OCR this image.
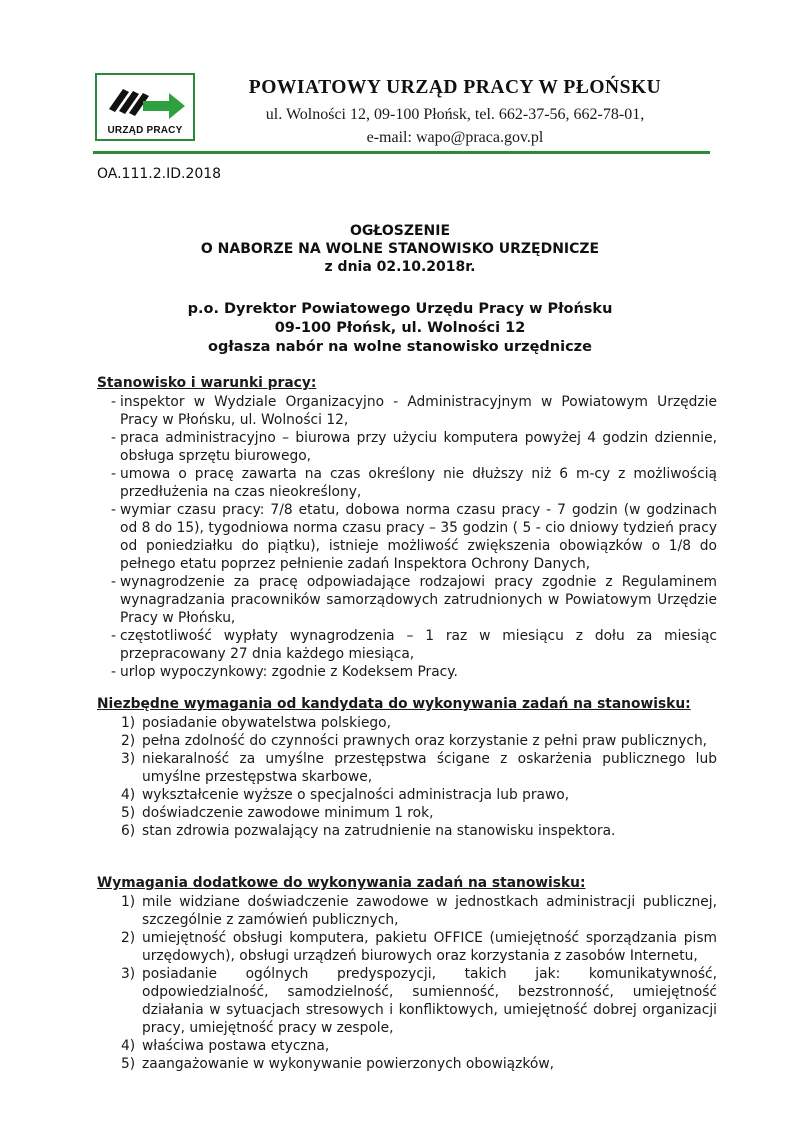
URZĄD PRACY
POWIATOWY URZĄD PRACY W PŁOŃSKU
ul. Wolności 12, 09-100 Płońsk, tel. 662-37-56, 662-78-01,
e-mail: wapo@praca.gov.pl
OA.111.2.ID.2018
OGŁOSZENIE
O NABORZE NA WOLNE STANOWISKO URZĘDNICZE
z dnia 02.10.2018r.
p.o. Dyrektor Powiatowego Urzędu Pracy w Płońsku
09-100 Płońsk, ul. Wolności 12
ogłasza nabór na wolne stanowisko urzędnicze
Stanowisko i warunki pracy:
- inspektor w Wydziale Organizacyjno - Administracyjnym w Powiatowym Urzędzie Pracy w Płońsku, ul. Wolności 12,
- praca administracyjno – biurowa przy użyciu komputera powyżej 4 godzin dziennie, obsługa sprzętu biurowego,
- umowa o pracę zawarta na czas określony nie dłuższy niż 6 m-cy z możliwością przedłużenia na czas nieokreślony,
- wymiar czasu pracy: 7/8 etatu, dobowa norma czasu pracy - 7 godzin (w godzinach od 8 do 15), tygodniowa norma czasu pracy – 35 godzin ( 5 - cio dniowy tydzień pracy od poniedziałku do piątku), istnieje możliwość zwiększenia obowiązków o 1/8 do pełnego etatu poprzez pełnienie zadań Inspektora Ochrony Danych,
- wynagrodzenie za pracę odpowiadające rodzajowi pracy zgodnie z Regulaminem wynagradzania pracowników samorządowych zatrudnionych w Powiatowym Urzędzie Pracy w Płońsku,
- częstotliwość wypłaty wynagrodzenia – 1 raz w miesiącu z dołu za miesiąc przepracowany 27 dnia każdego miesiąca,
- urlop wypoczynkowy: zgodnie z Kodeksem Pracy.
Niezbędne wymagania od kandydata do wykonywania zadań na stanowisku:
1) posiadanie obywatelstwa polskiego,
2) pełna zdolność do czynności prawnych oraz korzystanie z pełni praw publicznych,
3) niekaralność za umyślne przestępstwa ścigane z oskarżenia publicznego lub umyślne przestępstwa skarbowe,
4) wykształcenie wyższe o specjalności administracja lub prawo,
5) doświadczenie zawodowe minimum 1 rok,
6) stan zdrowia pozwalający na zatrudnienie na stanowisku inspektora.
Wymagania dodatkowe do wykonywania zadań na stanowisku:
1) mile widziane doświadczenie zawodowe w jednostkach administracji publicznej, szczególnie z zamówień publicznych,
2) umiejętność obsługi komputera, pakietu OFFICE (umiejętność sporządzania pism urzędowych), obsługi urządzeń biurowych oraz korzystania z zasobów Internetu,
3) posiadanie ogólnych predyspozycji, takich jak: komunikatywność, odpowiedzialność, samodzielność, sumienność, bezstronność, umiejętność działania w sytuacjach stresowych i konfliktowych, umiejętność dobrej organizacji pracy, umiejętność pracy w zespole,
4) właściwa postawa etyczna,
5) zaangażowanie w wykonywanie powierzonych obowiązków,
